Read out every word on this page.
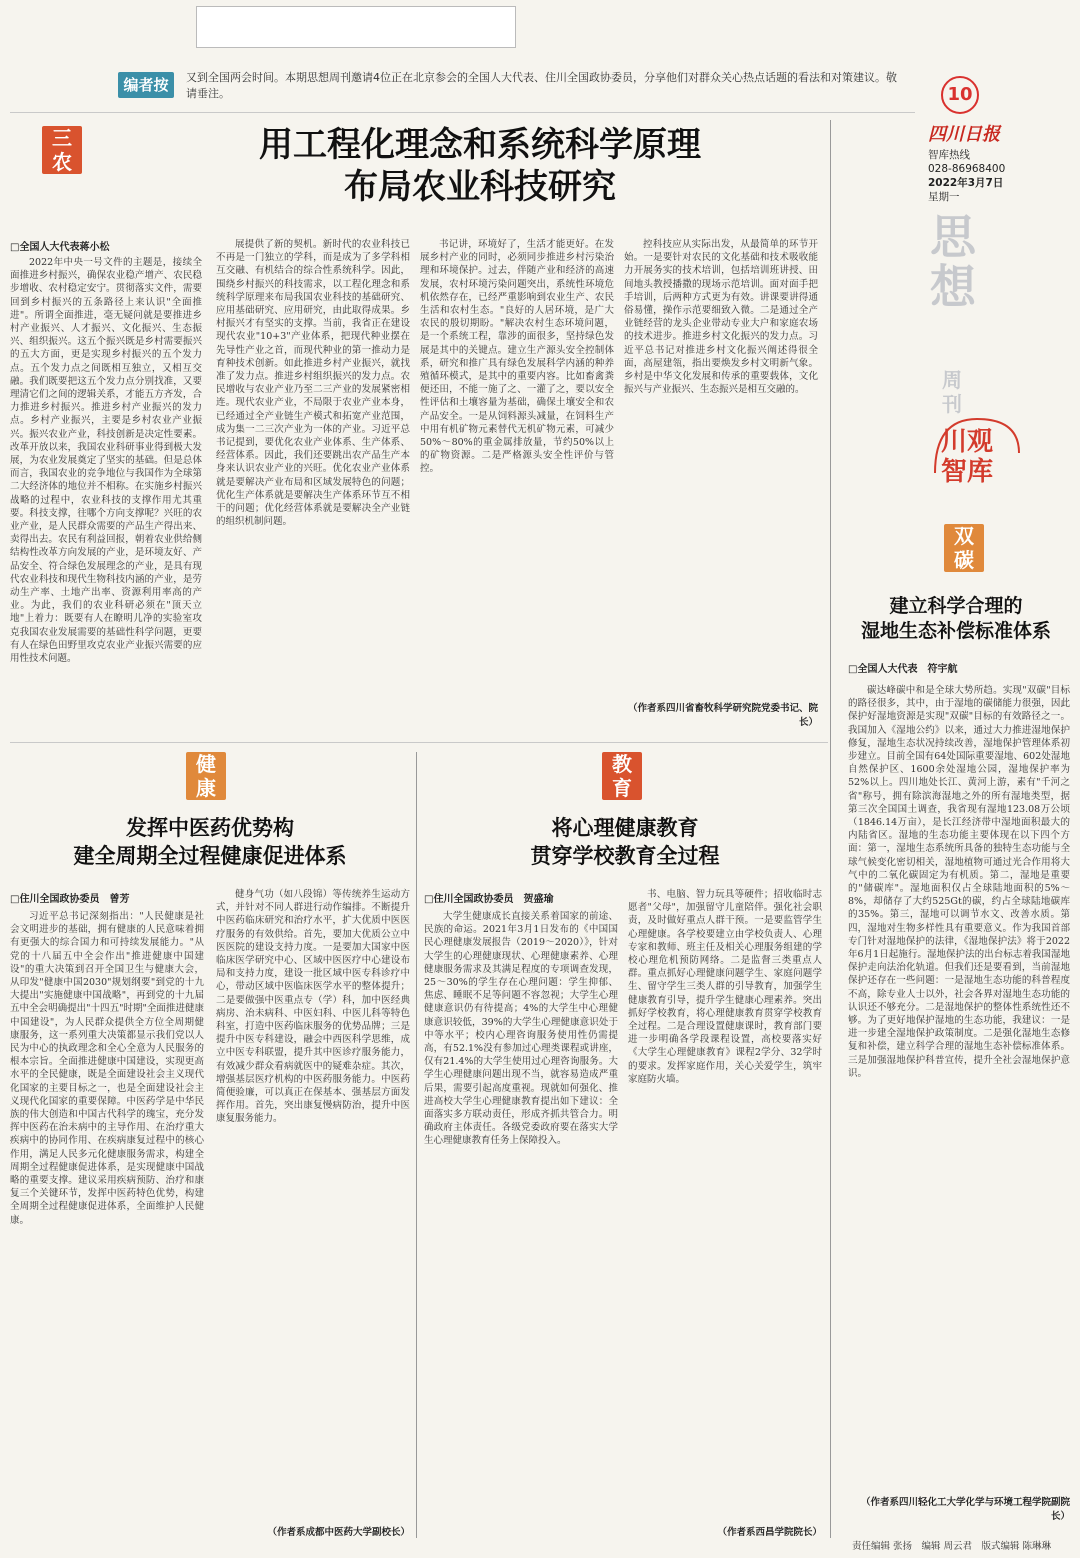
编者按	又到全国两会时间。本期思想周刊邀请4位正在北京参会的全国人大代表、住川全国政协委员，分享他们对群众关心热点话题的看法和对策建议。敬请垂注。	10
四川日报
智库热线
028-86968400
2022年3月7日
星期一
思想
周刊
川观
智库
三
农	用工程化理念和系统科学原理
布局农业科技研究
□全国人大代表蒋小松

2022年中央一号文件的主题是，接续全面推进乡村振兴，确保农业稳产增产、农民稳步增收、农村稳定安宁。贯彻落实文件，需要回到乡村振兴的五条路径上来认识"全面推进"。所谓全面推进，毫无疑问就是要推进乡村产业振兴、人才振兴、文化振兴、生态振兴、组织振兴。这五个振兴既是乡村需要振兴的五大方面，更是实现乡村振兴的五个发力点。五个发力点之间既相互独立，又相互交融。我们既要把这五个发力点分别找准，又要理清它们之间的逻辑关系，才能五方齐发，合力推进乡村振兴。推进乡村产业振兴的发力点。乡村产业振兴，主要是乡村农业产业振兴。振兴农业产业，科技创新是决定性要素。改革开放以来，我国农业科研事业得到极大发展，为农业发展奠定了坚实的基础。但是总体而言，我国农业的竞争地位与我国作为全球第二大经济体的地位并不相称。在实施乡村振兴战略的过程中，农业科技的支撑作用尤其重要。科技支撑，往哪个方向支撑呢？兴旺的农业产业，是人民群众需要的产品生产得出来、卖得出去。农民有利益回报，朝着农业供给侧结构性改革方向发展的产业，是环境友好、产品安全、符合绿色发展理念的产业，是具有现代农业科技和现代生物科技内涵的产业，是劳动生产率、土地产出率、资源利用率高的产业。为此，我们的农业科研必须在"顶天立地"上着力：既要有人在瞭明儿净的实验室攻克我国农业发展需要的基础性科学问题，更要有人在绿色田野里攻克农业产业振兴需要的应用性技术问题。

展提供了新的契机。新时代的农业科技已不再是一门独立的学科，而是成为了多学科相互交融、有机结合的综合性系统科学。因此，围绕乡村振兴的科技需求，以工程化理念和系统科学原理来布局我国农业科技的基础研究、应用基础研究、应用研究，由此取得成果。乡村振兴才有坚实的支撑。当前，我省正在建设现代农业"10+3"产业体系，把现代种业摆在先导性产业之首，而现代种业的第一推动力是育种技术创新。如此推进乡村产业振兴，就找准了发力点。推进乡村组织振兴的发力点。农民增收与农业产业乃至二三产业的发展紧密相连。现代农业产业，不局限于农业产业本身，已经通过全产业链生产模式和拓宽产业范围，成为集一二三次产业为一体的产业。习近平总书记提到，要优化农业产业体系、生产体系、经营体系。因此，我们还要跳出农产品生产本身来认识农业产业的兴旺。优化农业产业体系就是要解决产业布局和区域发展特色的问题；优化生产体系就是要解决生产体系环节互不相干的问题；优化经营体系就是要解决全产业链的组织机制问题。

书记讲，环境好了，生活才能更好。在发展乡村产业的同时，必须同步推进乡村污染治理和环境保护。过去，伴随产业和经济的高速发展，农村环境污染问题突出，系统性环境危机依然存在，已经严重影响到农业生产、农民生活和农村生态。"良好的人居环境，是广大农民的殷切期盼。"解决农村生态环境问题，是一个系统工程，靠涉的面很多，坚持绿色发展是其中的关键点。建立生产源头安全控制体系，研究和推广具有绿色发展科学内涵的种养殖循环模式，是其中的重要内容。比如畜禽粪便还田，不能一施了之、一灌了之，要以安全性评估和土壤容量为基础，确保土壤安全和农产品安全。一是从饲料源头减量，在饲料生产中用有机矿物元素替代无机矿物元素，可减少50%～80%的重金属排放量，节约50%以上的矿物资源。二是严格源头安全性评价与管控。

控科技应从实际出发，从最简单的环节开始。一是要针对农民的文化基础和技术吸收能力开展务实的技术培训，包括培训班讲授、田间地头教授播撒的现场示范培训。面对面手把手培训，后两种方式更为有效。讲课要讲得通俗易懂，操作示范要细致入微。二是通过全产业链经营的龙头企业带动专业大户和家庭农场的技术进步。推进乡村文化振兴的发力点。习近平总书记对推进乡村文化振兴阐述得很全面，高屋建瓴，指出要焕发乡村文明新气象。乡村是中华文化发展和传承的重要载体，文化振兴与产业振兴、生态振兴是相互交融的。

（作者系四川省畜牧科学研究院党委书记、院长）
双
碳
建立科学合理的
湿地生态补偿标准体系
□全国人大代表　符宇航

碳达峰碳中和是全球大势所趋。实现"双碳"目标的路径很多，其中，由于湿地的碳储能力很强，因此保护好湿地资源是实现"双碳"目标的有效路径之一。我国加入《湿地公约》以来，通过大力推进湿地保护修复，湿地生态状况持续改善，湿地保护管理体系初步建立。目前全国有64处国际重要湿地、602处湿地自然保护区、1600余处湿地公园，湿地保护率为52%以上。四川地处长江、黄河上游，素有"千河之省"称号，拥有除滨海湿地之外的所有湿地类型，据第三次全国国土调查，我省现有湿地123.08万公顷（1846.14万亩），是长江经济带中湿地面积最大的内陆省区。湿地的生态功能主要体现在以下四个方面：第一，湿地生态系统所具备的独特生态功能与全球气候变化密切相关，湿地植物可通过光合作用将大气中的二氧化碳固定为有机质。第二，湿地是重要的"储碳库"。湿地面积仅占全球陆地面积的5%～8%，却储存了大约525Gt的碳，约占全球陆地碳库的35%。第三，湿地可以调节水文、改善水质。第四，湿地对生物多样性具有重要意义。作为我国首部专门针对湿地保护的法律，《湿地保护法》将于2022年6月1日起施行。湿地保护法的出台标志着我国湿地保护走向法治化轨道。但我们还是要看到，当前湿地保护还存在一些问题：一是湿地生态功能的科普程度不高，除专业人士以外，社会各界对湿地生态功能的认识还不够充分。二是湿地保护的整体性系统性还不够。为了更好地保护湿地的生态功能，我建议：一是进一步建全湿地保护政策制度。二是强化湿地生态修复和补偿，建立科学合理的湿地生态补偿标准体系。三是加强湿地保护科普宣传，提升全社会湿地保护意识。

（作者系四川轻化工大学化学与环境工程学院副院长）
健
康
发挥中医药优势构
建全周期全过程健康促进体系
□住川全国政协委员　曾芳

习近平总书记深刻指出："人民健康是社会文明进步的基础，拥有健康的人民意味着拥有更强大的综合国力和可持续发展能力。"从党的十八届五中全会作出"推进健康中国建设"的重大决策到召开全国卫生与健康大会，从印发"健康中国2030"规划纲要"到党的十九大提出"实施健康中国战略"，再到党的十九届五中全会明确提出"十四五"时期"全面推进健康中国建设"，为人民群众提供全方位全周期健康服务，这一系列重大决策都显示我们党以人民为中心的执政理念和全心全意为人民服务的根本宗旨。全面推进健康中国建设，实现更高水平的全民健康，既是全面建设社会主义现代化国家的主要目标之一，也是全面建设社会主义现代化国家的重要保障。中医药学是中华民族的伟大创造和中国古代科学的瑰宝，充分发挥中医药在治未病中的主导作用、在治疗重大疾病中的协同作用、在疾病康复过程中的核心作用，满足人民多元化健康服务需求，构建全周期全过程健康促进体系，是实现健康中国战略的重要支撑。建议采用疾病预防、治疗和康复三个关键环节，发挥中医药特色优势，构建全周期全过程健康促进体系，全面维护人民健康。

健身气功（如八段锦）等传统养生运动方式，并针对不同人群进行动作编排。不断提升中医药临床研究和治疗水平，扩大优质中医医疗服务的有效供给。首先，要加大优质公立中医医院的建设支持力度。一是要加大国家中医临床医学研究中心、区域中医医疗中心建设布局和支持力度，建设一批区域中医专科诊疗中心，带动区域中医临床医学水平的整体提升；二是要做强中医重点专（学）科，加中医经典病房、治未病科、中医妇科、中医儿科等特色科室，打造中医药临床服务的优势品牌；三是提升中医专科建设，融会中西医科学思维，成立中医专科联盟，提升其中医诊疗服务能力，有效减少群众看病就医中的疑难杂症。其次，增强基层医疗机构的中医药服务能力。中医药简便验廉，可以真正在保基本、强基层方面发挥作用。首先，突出康复慢病防治，提升中医康复服务能力。

（作者系成都中医药大学副校长）
教
育
将心理健康教育
贯穿学校教育全过程
□住川全国政协委员　贺盛瑜

大学生健康成长直接关系着国家的前途、民族的命运。2021年3月1日发布的《中国国民心理健康发展报告（2019～2020）》，针对大学生的心理健康现状、心理健康素养、心理健康服务需求及其满足程度的专项调查发现，25～30%的学生存在心理问题：学生抑郁、焦虑、睡眠不足等问题不容忽视；大学生心理健康意识仍有待提高；4%的大学生中心理健康意识较低，39%的大学生心理健康意识处于中等水平；校内心理咨询服务使用性仍需提高，有52.1%没有参加过心理类课程或讲座，仅有21.4%的大学生使用过心理咨询服务。大学生心理健康问题出现不当，就容易造成严重后果，需要引起高度重视。现就如何强化、推进高校大学生心理健康教育提出如下建议：全面落实多方联动责任，形成齐抓共管合力。明确政府主体责任。各级党委政府要在落实大学生心理健康教育任务上保障投入。

书、电脑、智力玩具等硬件；招收临时志愿者"父母"，加强留守儿童陪伴。强化社会职责，及时做好重点人群干预。一是要监管学生心理健康。各学校要建立由学校负责人、心理专家和教师、班主任及相关心理服务组建的学校心理危机预防网络。二是监督三类重点人群。重点抓好心理健康问题学生、家庭问题学生、留守学生三类人群的引导教育，加强学生健康教育引导，提升学生健康心理素养。突出抓好学校教育，将心理健康教育贯穿学校教育全过程。二是合理设置健康课时，教育部门要进一步明确各学段课程设置，高校要落实好《大学生心理健康教育》课程2学分、32学时的要求。发挥家庭作用，关心关爱学生，筑牢家庭防火墙。

（作者系西昌学院院长）
责任编辑 张扬　编辑 周云君　版式编辑 陈琳琳
